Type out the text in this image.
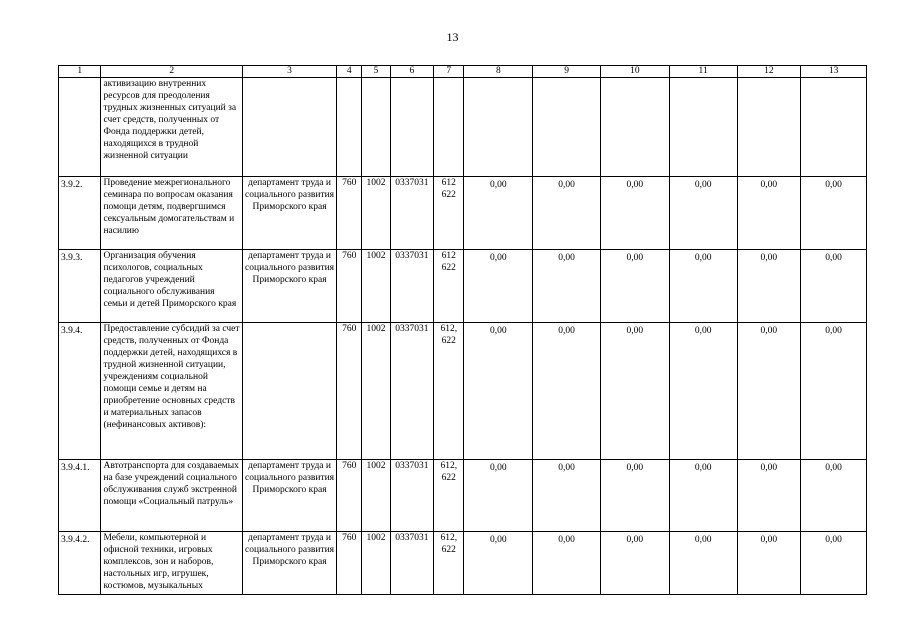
13
1	2	3	4	5	6	7	8	9	10	11	12	13
	активизацию внутренних ресурсов для преодоления трудных жизненных ситуаций за счет средств, полученных от Фонда поддержки детей, находящихся в трудной жизненной ситуации											
3.9.2.	Проведение межрегионального семинара по вопросам оказания помощи детям, подвергшимся сексуальным домогательствам и насилию	департамент труда и социального развития Приморского края	760	1002	0337031	612 622	0,00	0,00	0,00	0,00	0,00	0,00
3.9.3.	Организация обучения психологов, социальных педагогов учреждений социального обслуживания семьи и детей Приморского края	департамент труда и социального развития Приморского края	760	1002	0337031	612 622	0,00	0,00	0,00	0,00	0,00	0,00
3.9.4.	Предоставление субсидий за счет средств, полученных от Фонда поддержки детей, находящихся в трудной жизненной ситуации, учреждениям социальной помощи семье и детям на приобретение основных средств и материальных запасов (нефинансовых активов):		760	1002	0337031	612, 622	0,00	0,00	0,00	0,00	0,00	0,00
3.9.4.1.	Автотранспорта для создаваемых на базе учреждений социального обслуживания служб экстренной помощи «Социальный патруль»	департамент труда и социального развития Приморского края	760	1002	0337031	612, 622	0,00	0,00	0,00	0,00	0,00	0,00
3.9.4.2.	Мебели, компьютерной и офисной техники, игровых комплексов, зон и наборов, настольных игр, игрушек, костюмов, музыкальных	департамент труда и социального развития Приморского края	760	1002	0337031	612, 622	0,00	0,00	0,00	0,00	0,00	0,00
